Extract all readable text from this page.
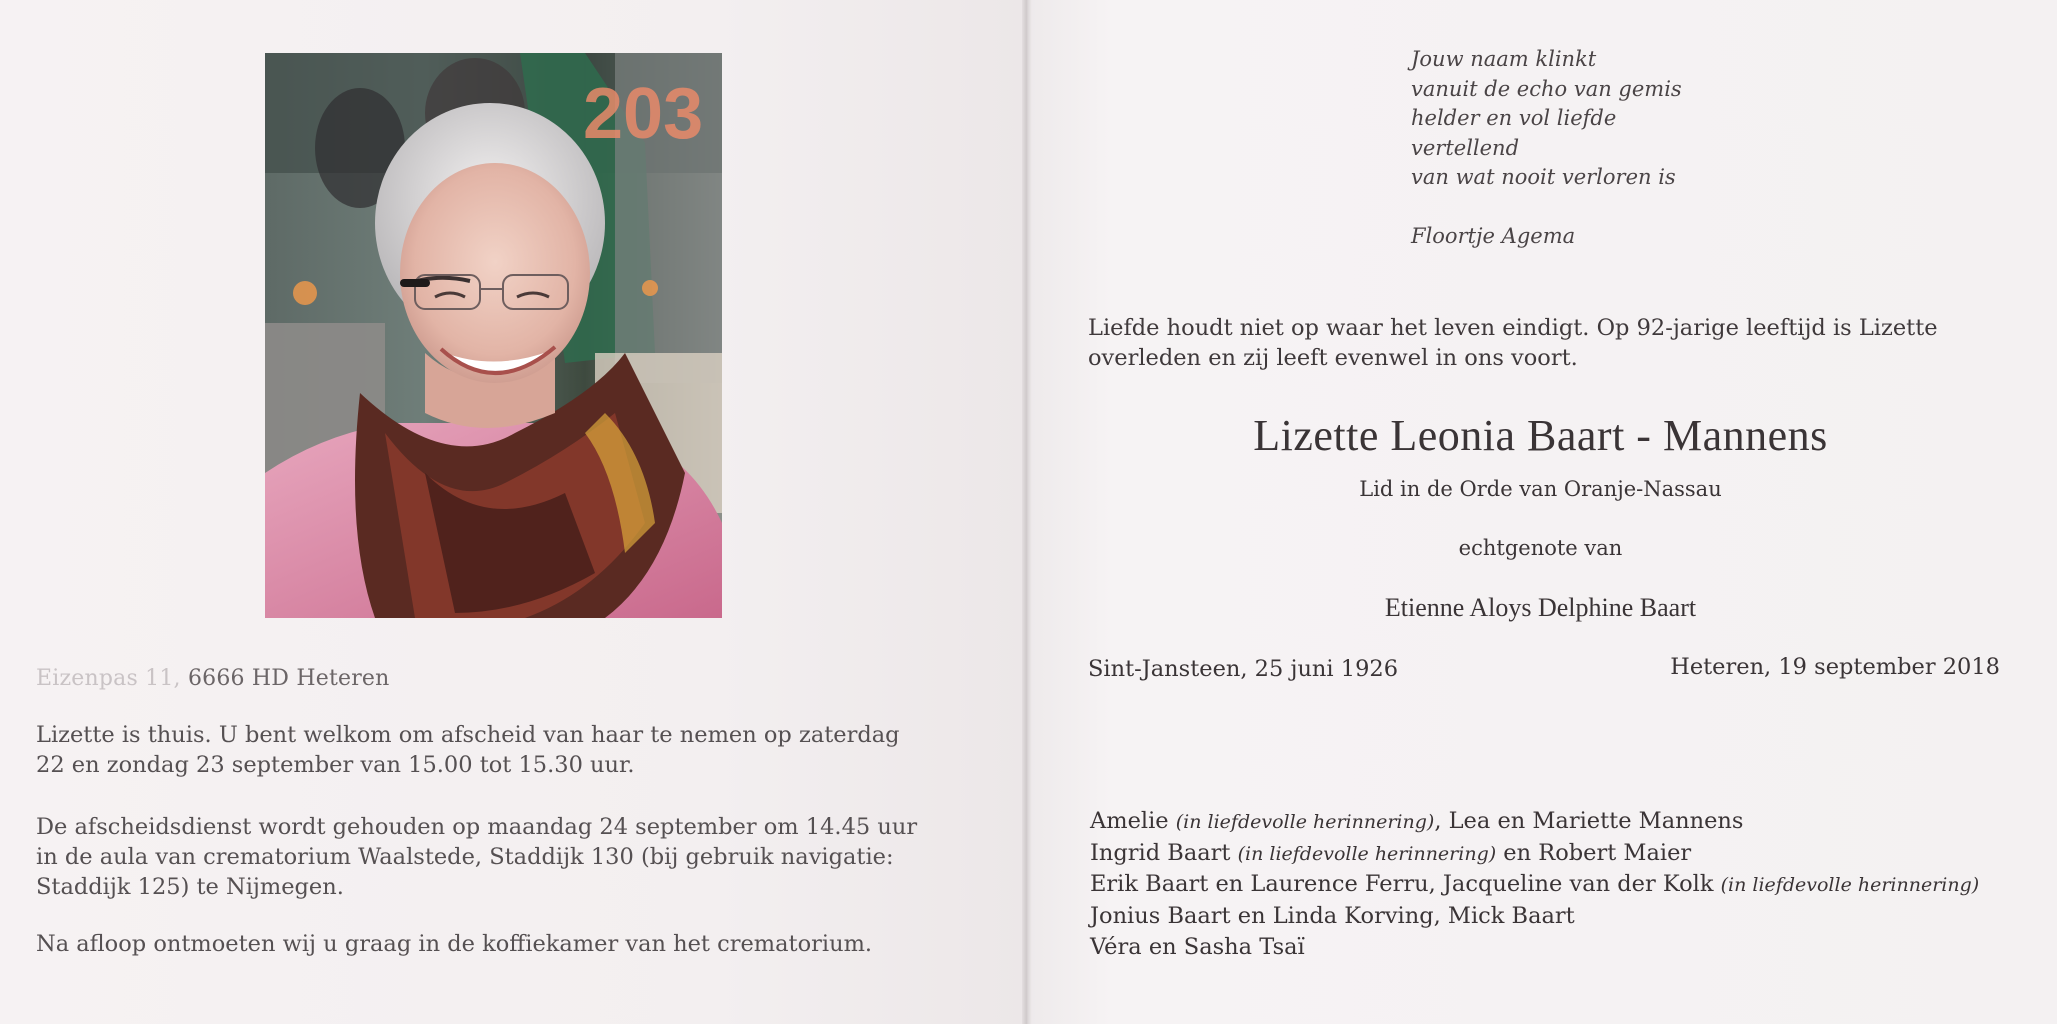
203
Eizenpas 11, 6666 HD Heteren
Lizette is thuis. U bent welkom om afscheid van haar te nemen op zaterdag
22 en zondag 23 september van 15.00 tot 15.30 uur.
De afscheidsdienst wordt gehouden op maandag 24 september om 14.45 uur
in de aula van crematorium Waalstede, Staddijk 130 (bij gebruik navigatie:
Staddijk 125) te Nijmegen.
Na afloop ontmoeten wij u graag in de koffiekamer van het crematorium.
Jouw naam klinkt
vanuit de echo van gemis
helder en vol liefde
vertellend
van wat nooit verloren is
Floortje Agema
Liefde houdt niet op waar het leven eindigt. Op 92-jarige leeftijd is Lizette
overleden en zij leeft evenwel in ons voort.
Lizette Leonia Baart - Mannens
Lid in de Orde van Oranje-Nassau
echtgenote van
Etienne Aloys Delphine Baart
Sint-Jansteen, 25 juni 1926	Heteren, 19 september 2018
Amelie (in liefdevolle herinnering), Lea en Mariette Mannens
Ingrid Baart (in liefdevolle herinnering) en Robert Maier
Erik Baart en Laurence Ferru, Jacqueline van der Kolk (in liefdevolle herinnering)
Jonius Baart en Linda Korving, Mick Baart
Véra en Sasha Tsaï
